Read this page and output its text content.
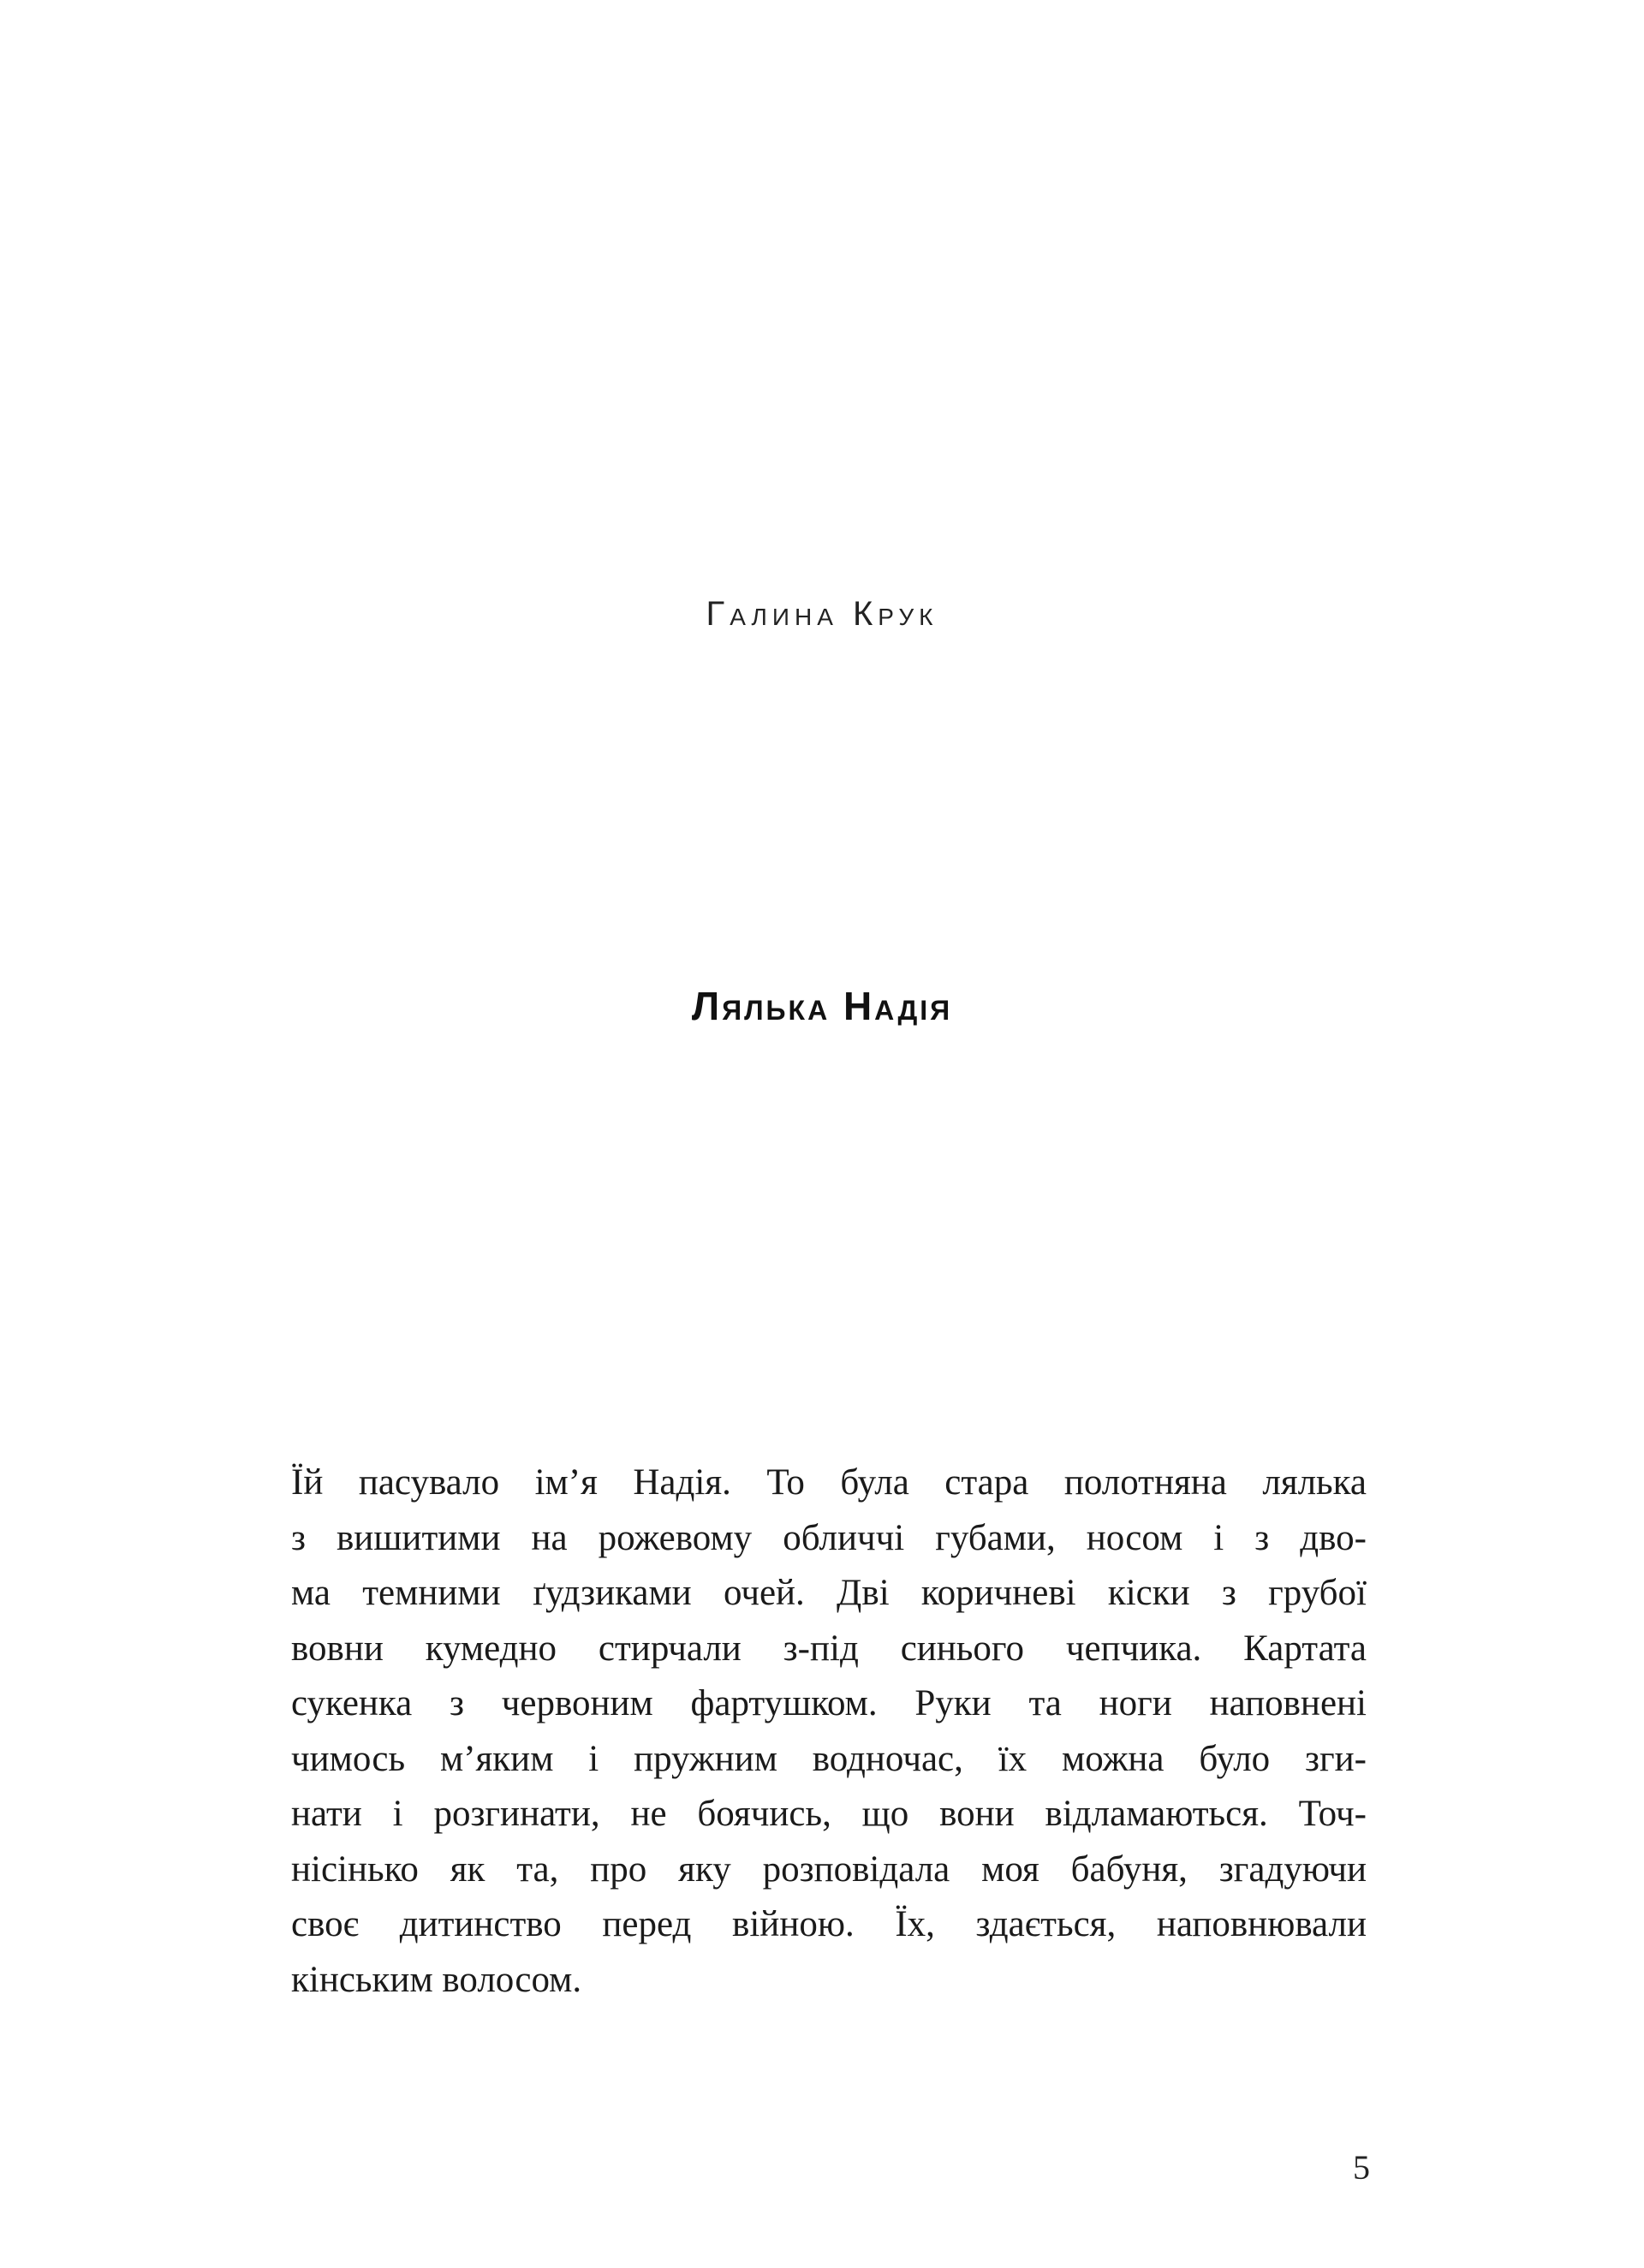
Галина Крук
Лялька Надія
Їй пасувало ім’я Надія. То була стара полотняна лялька
з вишитими на рожевому обличчі губами, носом і з дво-
ма темними ґудзиками очей. Дві коричневі кіски з грубої
вовни кумедно стирчали з-під синього чепчика. Картата
сукенка з червоним фартушком. Руки та ноги наповнені
чимось м’яким і пружним водночас, їх можна було зги-
нати і розгинати, не боячись, що вони відламаються. Точ-
нісінько як та, про яку розповідала моя бабуня, згадуючи
своє дитинство перед війною. Їх, здається, наповнювали
кінським волосом.
5
